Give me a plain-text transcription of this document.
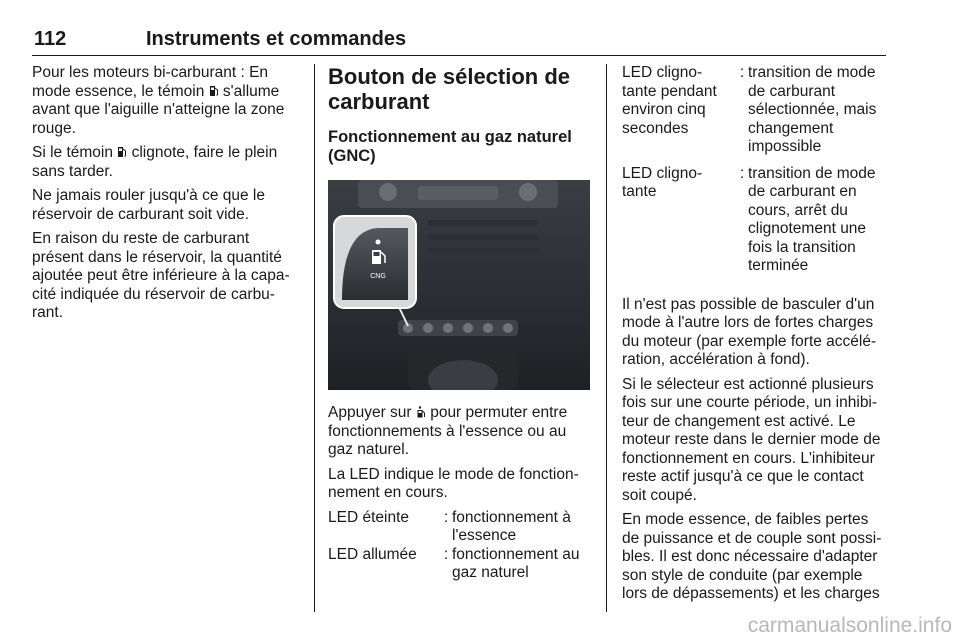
112	Instruments et commandes

Pour les moteurs bi-carburant : En mode essence, le témoin  s'allume avant que l'aiguille n'atteigne la zone rouge.

Si le témoin  clignote, faire le plein sans tarder.

Ne jamais rouler jusqu'à ce que le réservoir de carburant soit vide.

En raison du reste de carburant présent dans le réservoir, la quantité ajoutée peut être inférieure à la capa- cité indiquée du réservoir de carbu- rant.

Bouton de sélection de carburant
Fonctionnement au gaz naturel (GNC)
CNG

Appuyer sur  pour permuter entre fonctionnements à l'essence ou au gaz naturel.

La LED indique le mode de fonction- nement en cours.

LED éteinte	:	fonctionnement à l'essence
LED allumée	:	fonctionnement au gaz naturel
LED cligno- tante pendant environ cinq secondes	:	transition de mode de carburant sélectionnée, mais changement impossible
LED cligno- tante	:	transition de mode de carburant en cours, arrêt du clignotement une fois la transition terminée

Il n'est pas possible de basculer d'un mode à l'autre lors de fortes charges du moteur (par exemple forte accélé- ration, accélération à fond).

Si le sélecteur est actionné plusieurs fois sur une courte période, un inhibi- teur de changement est activé. Le moteur reste dans le dernier mode de fonctionnement en cours. L'inhibiteur reste actif jusqu'à ce que le contact soit coupé.

En mode essence, de faibles pertes de puissance et de couple sont possi- bles. Il est donc nécessaire d'adapter son style de conduite (par exemple lors de dépassements) et les charges

carmanualsonline.info
